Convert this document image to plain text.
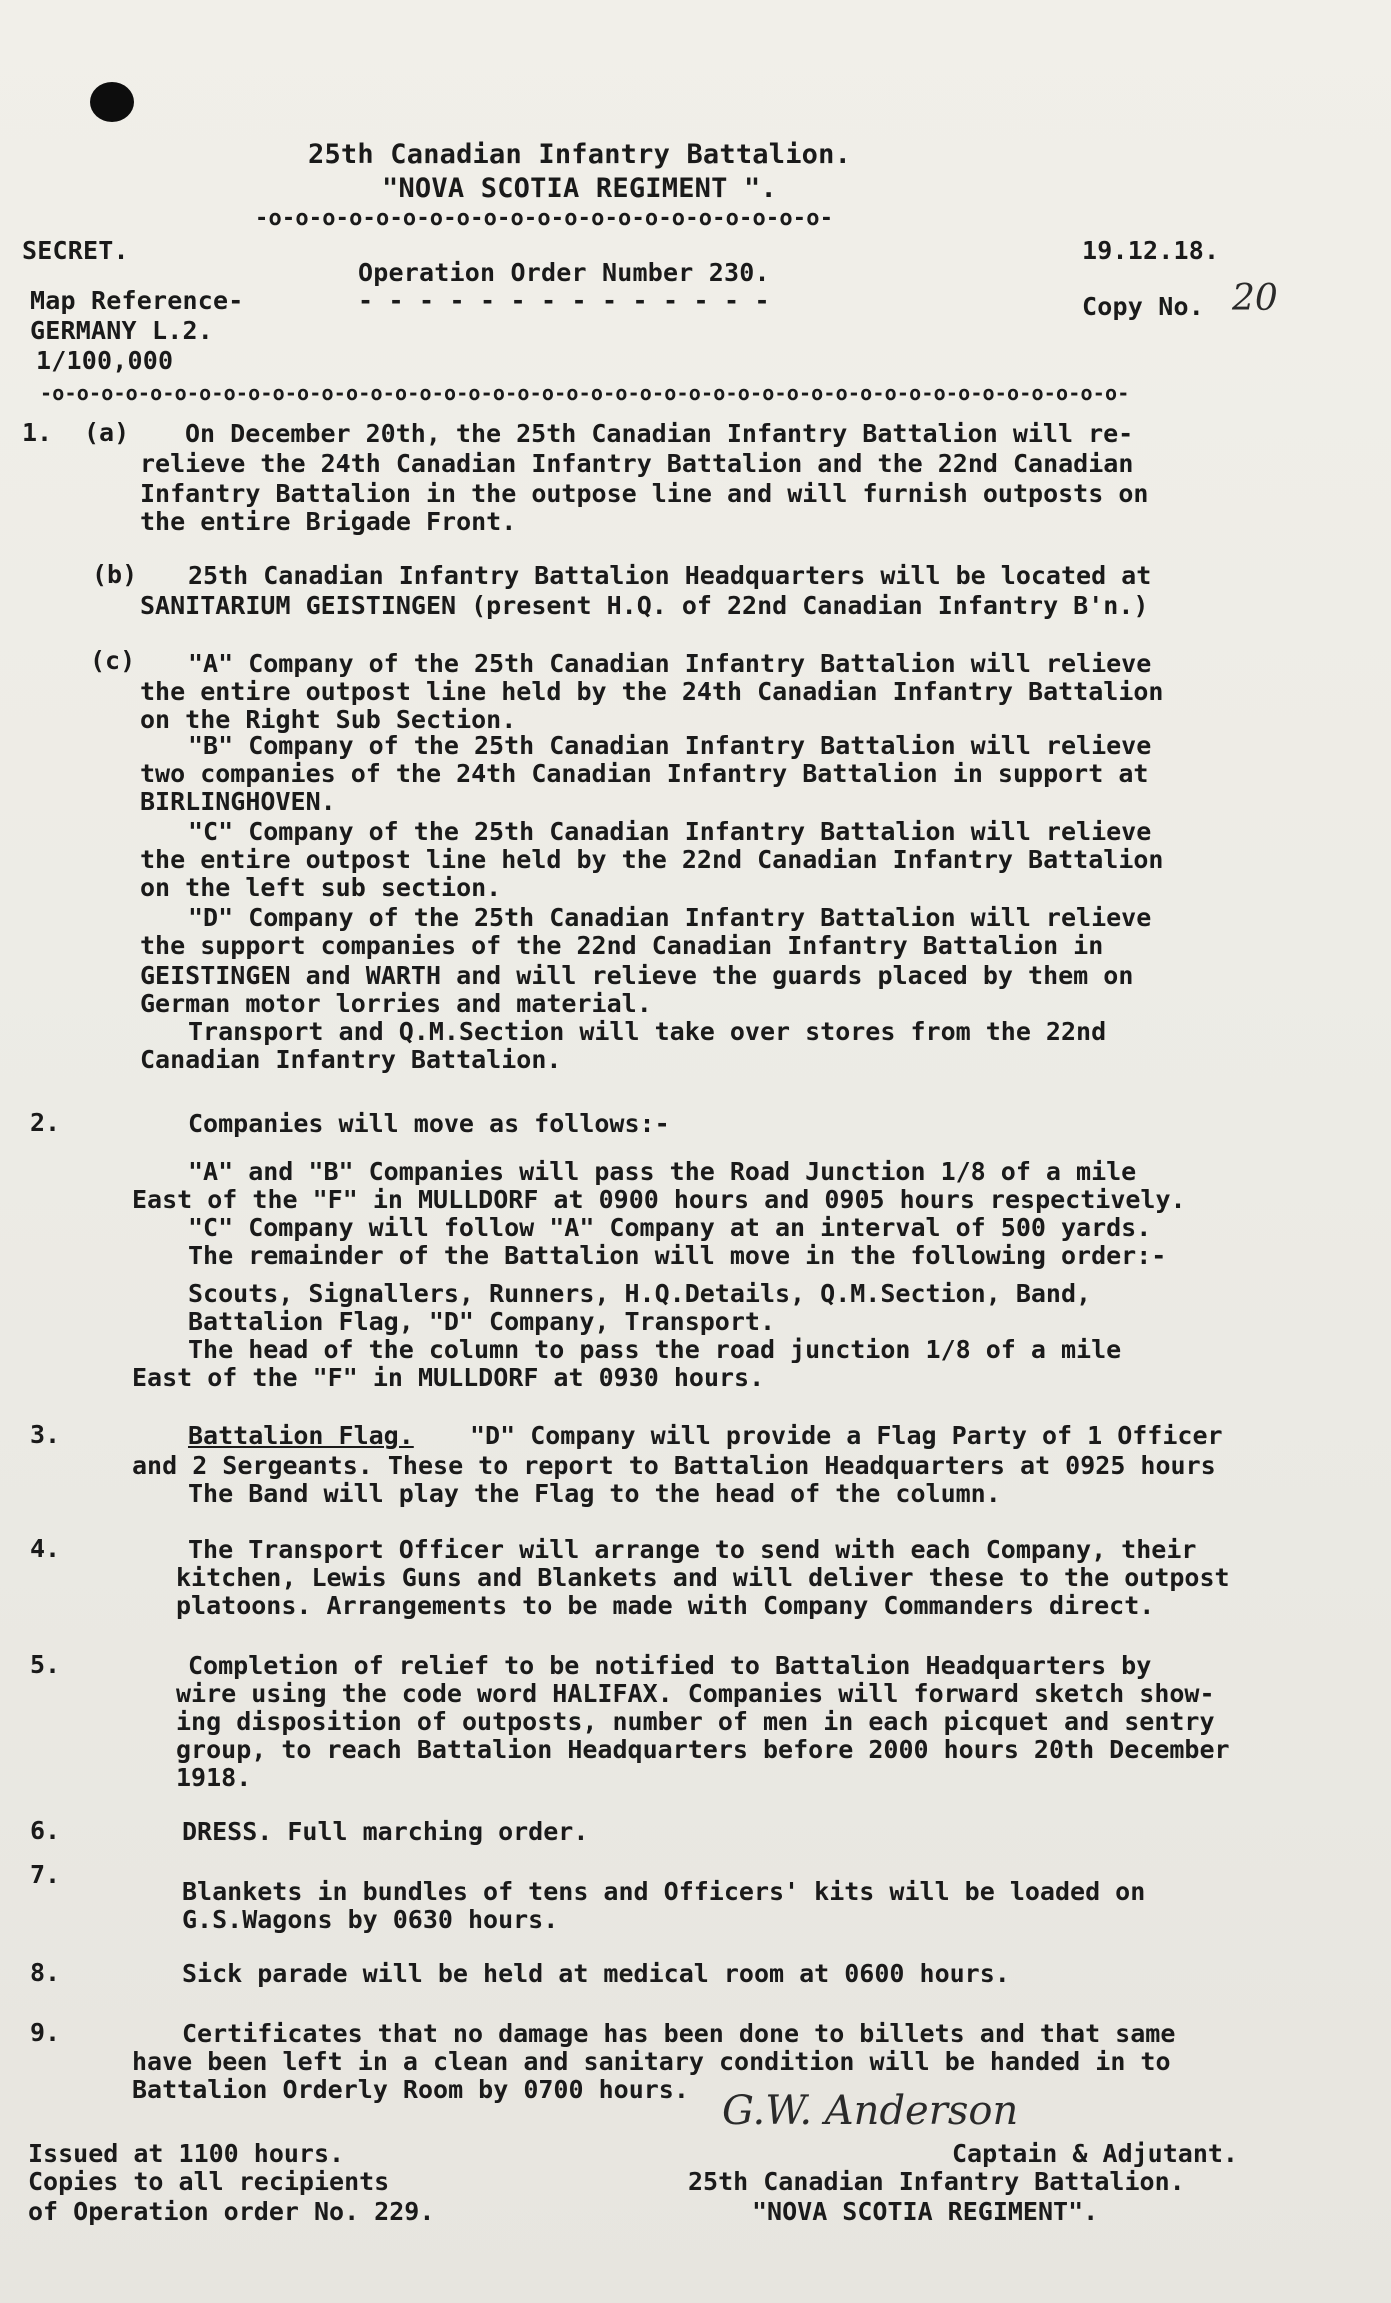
25th Canadian Infantry Battalion.
"NOVA SCOTIA REGIMENT ".
-o-o-o-o-o-o-o-o-o-o-o-o-o-o-o-o-o-o-o-o-o-
SECRET.	19.12.18.
Operation Order Number 230.
- - - - - - - - - - - - - -
Map Reference-
GERMANY L.2.
1/100,000
Copy No. 20
-o-o-o-o-o-o-o-o-o-o-o-o-o-o-o-o-o-o-o-o-o-o-o-o-o-o-o-o-o-o-o-o-o-o-o-o-o-o-o-o-o-o-o-o-
1. (a) On December 20th, the 25th Canadian Infantry Battalion will re-
relieve the 24th Canadian Infantry Battalion and the 22nd Canadian
Infantry Battalion in the outpose line and will furnish outposts on
the entire Brigade Front.
(b) 25th Canadian Infantry Battalion Headquarters will be located at
SANITARIUM GEISTINGEN (present H.Q. of 22nd Canadian Infantry B'n.)
(c) "A" Company of the 25th Canadian Infantry Battalion will relieve
the entire outpost line held by the 24th Canadian Infantry Battalion
on the Right Sub Section.
"B" Company of the 25th Canadian Infantry Battalion will relieve
two companies of the 24th Canadian Infantry Battalion in support at
BIRLINGHOVEN.
"C" Company of the 25th Canadian Infantry Battalion will relieve
the entire outpost line held by the 22nd Canadian Infantry Battalion
on the left sub section.
"D" Company of the 25th Canadian Infantry Battalion will relieve
the support companies of the 22nd Canadian Infantry Battalion in
GEISTINGEN and WARTH and will relieve the guards placed by them on
German motor lorries and material.
Transport and Q.M.Section will take over stores from the 22nd
Canadian Infantry Battalion.
2.	Companies will move as follows:-
"A" and "B" Companies will pass the Road Junction 1/8 of a mile
East of the "F" in MULLDORF at 0900 hours and 0905 hours respectively.
"C" Company will follow "A" Company at an interval of 500 yards.
The remainder of the Battalion will move in the following order:-
Scouts, Signallers, Runners, H.Q.Details, Q.M.Section, Band,
Battalion Flag, "D" Company, Transport.
The head of the column to pass the road junction 1/8 of a mile
East of the "F" in MULLDORF at 0930 hours.
3.	Battalion Flag. "D" Company will provide a Flag Party of 1 Officer
and 2 Sergeants. These to report to Battalion Headquarters at 0925 hours
The Band will play the Flag to the head of the column.
4.	The Transport Officer will arrange to send with each Company, their
kitchen, Lewis Guns and Blankets and will deliver these to the outpost
platoons. Arrangements to be made with Company Commanders direct.
5.	Completion of relief to be notified to Battalion Headquarters by
wire using the code word HALIFAX. Companies will forward sketch show-
ing disposition of outposts, number of men in each picquet and sentry
group, to reach Battalion Headquarters before 2000 hours 20th December
1918.
6.	DRESS. Full marching order.
7.
Blankets in bundles of tens and Officers' kits will be loaded on
G.S.Wagons by 0630 hours.
8.	Sick parade will be held at medical room at 0600 hours.
9.	Certificates that no damage has been done to billets and that same
have been left in a clean and sanitary condition will be handed in to
Battalion Orderly Room by 0700 hours.
Issued at 1100 hours.
Copies to all recipients
of Operation order No. 229.
G.W. Anderson
Captain & Adjutant.
25th Canadian Infantry Battalion.
"NOVA SCOTIA REGIMENT".
